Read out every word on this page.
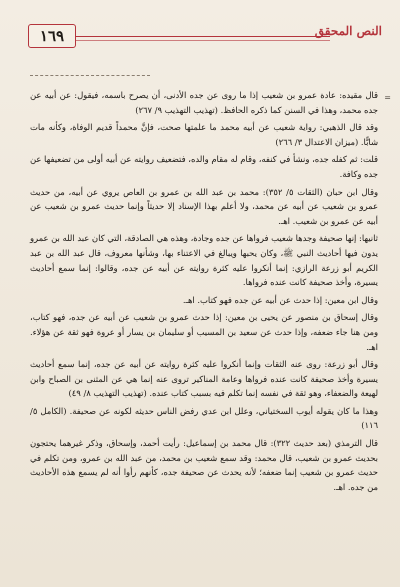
١٦٩	النص المحقق

=
قال مقيده: عادة عمرو بن شعيب إذا ما روى عن جده الأدنى، أن يصرح باسمه، فيقول: عن أبيه عن جده محمد، وهذا في السنن كما ذكره الحافظ. (تهذيب التهذيب ٩/ ٢٦٧)

وقد قال الذهبي: رواية شعيب عن أبيه محمد ما علمتها صحت، فإنَّ محمداً قديم الوفاة، وكأنه مات شابًّا. (ميزان الاعتدال ٣/ ٢٦٦)

قلت: ثم كفله جده، ونشأ في كنفه، وقام له مقام والده، فتضعيف روايته عن أبيه أولى من تضعيفها عن جده وكافة.

وقال ابن حبان (الثقات ٥/ ٣٥٢): محمد بن عبد الله بن عمرو بن العاص يروي عن أبيه، من حديث عمرو بن شعيب عن أبيه عن محمد، ولا أعلم بهذا الإسناد إلا حديثاً وإنما حديث عمرو بن شعيب عن أبيه عن عمرو بن شعيب. اهـ.

ثانيها: إنها صحيفة وجدها شعيب فرواها عن جده وجادة، وهذه هي الصادقة، التي كان عبد الله بن عمرو يدون فيها أحاديث النبي ﷺ، وكان يحبها ويبالغ في الاعتناء بها، وشأنها معروف، قال عبد الله بن عبد الكريم أبو زرعة الرازي: إنما أنكروا عليه كثرة روايته عن أبيه عن جده، وقالوا: إنما سمع أحاديث يسيرة، وأخذ صحيفة كانت عنده فرواها.

وقال ابن معين: إذا حدث عن أبيه عن جده فهو كتاب. اهـ.

وقال إسحاق بن منصور عن يحيى بن معين: إذا حدث عمرو بن شعيب عن أبيه عن جده، فهو كتاب، ومن هنا جاء ضعفه، وإذا حدث عن سعيد بن المسيب أو سليمان بن يسار أو عروة فهو ثقة عن هؤلاء. اهـ.

وقال أبو زرعة: روى عنه الثقات وإنما أنكروا عليه كثرة روايته عن أبيه عن جده، إنما سمع أحاديث يسيرة وأخذ صحيفة كانت عنده فرواها وعامة المناكير تروى عنه إنما هي عن المثنى بن الصباح وابن لهيعة والضعفاء، وهو ثقة في نفسه إنما تكلم فيه بسبب كتاب عنده. (تهذيب التهذيب ٨/ ٤٩)

وهذا ما كان يقوله أيوب السختياني، وعلل ابن عدي رفض الناس حديثه لكونه عن صحيفة. (الكامل ٥/ ١١٦)

قال الترمذي (بعد حديث ٣٢٢): قال محمد بن إسماعيل: رأيت أحمد، وإسحاق، وذكر غيرهما يحتجون بحديث عمرو بن شعيب، قال محمد: وقد سمع شعيب بن محمد، من عبد الله بن عمرو، ومن تكلم في حديث عمرو بن شعيب إنما ضعفه؛ لأنه يحدث عن صحيفة جده، كأنهم رأوا أنه لم يسمع هذه الأحاديث من جده. اهـ.
